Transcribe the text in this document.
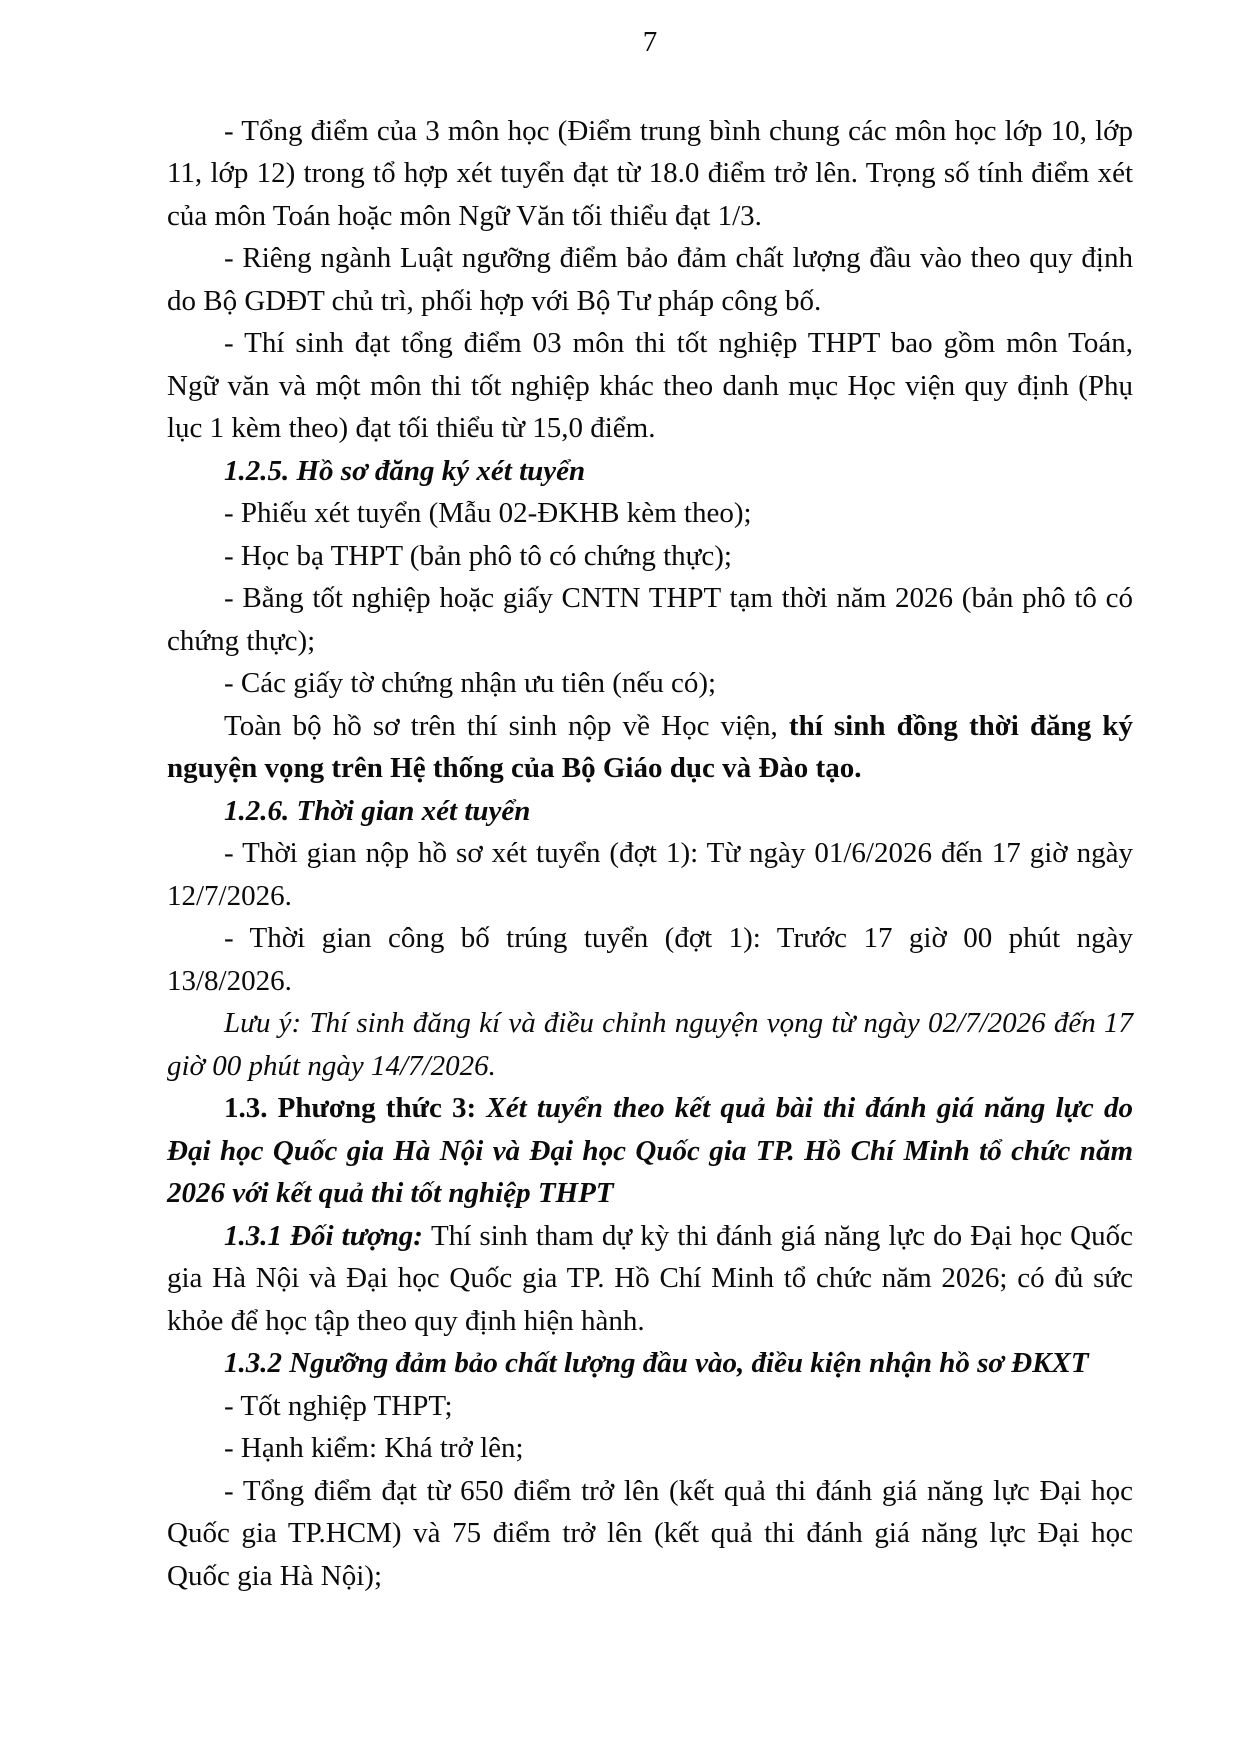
7

- Tổng điểm của 3 môn học (Điểm trung bình chung các môn học lớp 10, lớp 11, lớp 12) trong tổ hợp xét tuyển đạt từ 18.0 điểm trở lên. Trọng số tính điểm xét của môn Toán hoặc môn Ngữ Văn tối thiểu đạt 1/3.

- Riêng ngành Luật ngưỡng điểm bảo đảm chất lượng đầu vào theo quy định do Bộ GDĐT chủ trì, phối hợp với Bộ Tư pháp công bố.

- Thí sinh đạt tổng điểm 03 môn thi tốt nghiệp THPT bao gồm môn Toán, Ngữ văn và một môn thi tốt nghiệp khác theo danh mục Học viện quy định (Phụ lục 1 kèm theo) đạt tối thiểu từ 15,0 điểm.

1.2.5. Hồ sơ đăng ký xét tuyển

- Phiếu xét tuyển (Mẫu 02-ĐKHB kèm theo);

- Học bạ THPT (bản phô tô có chứng thực);

- Bằng tốt nghiệp hoặc giấy CNTN THPT tạm thời năm 2026 (bản phô tô có chứng thực);

- Các giấy tờ chứng nhận ưu tiên (nếu có);

Toàn bộ hồ sơ trên thí sinh nộp về Học viện, thí sinh đồng thời đăng ký nguyện vọng trên Hệ thống của Bộ Giáo dục và Đào tạo.

1.2.6. Thời gian xét tuyển

- Thời gian nộp hồ sơ xét tuyển (đợt 1): Từ ngày 01/6/2026 đến 17 giờ ngày 12/7/2026.

- Thời gian công bố trúng tuyển (đợt 1): Trước 17 giờ 00 phút ngày 13/8/2026.

Lưu ý: Thí sinh đăng kí và điều chỉnh nguyện vọng từ ngày 02/7/2026 đến 17 giờ 00 phút ngày 14/7/2026.

1.3. Phương thức 3: Xét tuyển theo kết quả bài thi đánh giá năng lực do Đại học Quốc gia Hà Nội và Đại học Quốc gia TP. Hồ Chí Minh tổ chức năm 2026 với kết quả thi tốt nghiệp THPT

1.3.1 Đối tượng: Thí sinh tham dự kỳ thi đánh giá năng lực do Đại học Quốc gia Hà Nội và Đại học Quốc gia TP. Hồ Chí Minh tổ chức năm 2026; có đủ sức khỏe để học tập theo quy định hiện hành.

1.3.2 Ngưỡng đảm bảo chất lượng đầu vào, điều kiện nhận hồ sơ ĐKXT

- Tốt nghiệp THPT;

- Hạnh kiểm: Khá trở lên;

- Tổng điểm đạt từ 650 điểm trở lên (kết quả thi đánh giá năng lực Đại học Quốc gia TP.HCM) và 75 điểm trở lên (kết quả thi đánh giá năng lực Đại học Quốc gia Hà Nội);
